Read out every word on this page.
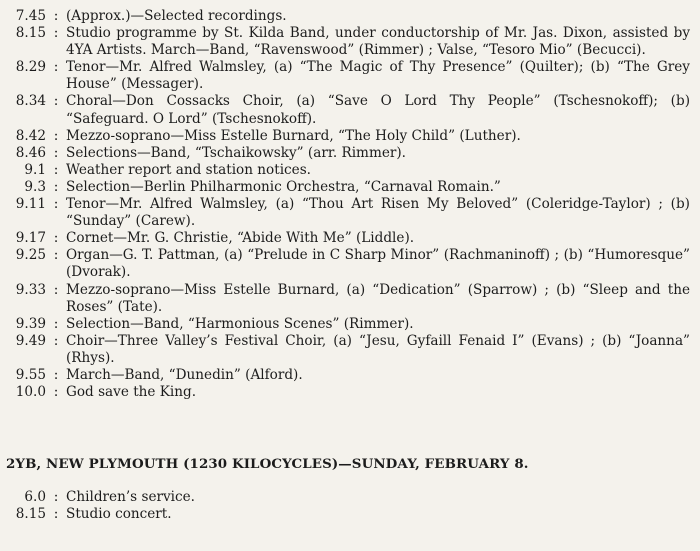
7.45 : (Approx.)—Selected recordings.
8.15 : Studio programme by St. Kilda Band, under conductorship of Mr. Jas. Dixon, assisted by 4YA Artists. March—Band, “Ravenswood” (Rimmer) ; Valse, “Tesoro Mio” (Becucci).
8.29 : Tenor—Mr. Alfred Walmsley, (a) “The Magic of Thy Presence” (Quilter); (b) “The Grey House” (Messager).
8.34 : Choral—Don Cossacks Choir, (a) “Save O Lord Thy People” (Tschesnokoff); (b) “Safeguard. O Lord” (Tschesnokoff).
8.42 : Mezzo-soprano—Miss Estelle Burnard, “The Holy Child” (Luther).
8.46 : Selections—Band, “Tschaikowsky” (arr. Rimmer).
9.1 : Weather report and station notices.
9.3 : Selection—Berlin Philharmonic Orchestra, “Carnaval Romain.”
9.11 : Tenor—Mr. Alfred Walmsley, (a) “Thou Art Risen My Beloved” (Coleridge-Taylor) ; (b) “Sunday” (Carew).
9.17 : Cornet—Mr. G. Christie, “Abide With Me” (Liddle).
9.25 : Organ—G. T. Pattman, (a) “Prelude in C Sharp Minor” (Rachmaninoff) ; (b) “Humoresque” (Dvorak).
9.33 : Mezzo-soprano—Miss Estelle Burnard, (a) “Dedication” (Sparrow) ; (b) “Sleep and the Roses” (Tate).
9.39 : Selection—Band, “Harmonious Scenes” (Rimmer).
9.49 : Choir—Three Valley’s Festival Choir, (a) “Jesu, Gyfaill Fenaid I” (Evans) ; (b) “Joanna” (Rhys).
9.55 : March—Band, “Dunedin” (Alford).
10.0 : God save the King.
2YB, NEW PLYMOUTH (1230 KILOCYCLES)—SUNDAY, FEBRUARY 8.
6.0 : Children’s service.
8.15 : Studio concert.
